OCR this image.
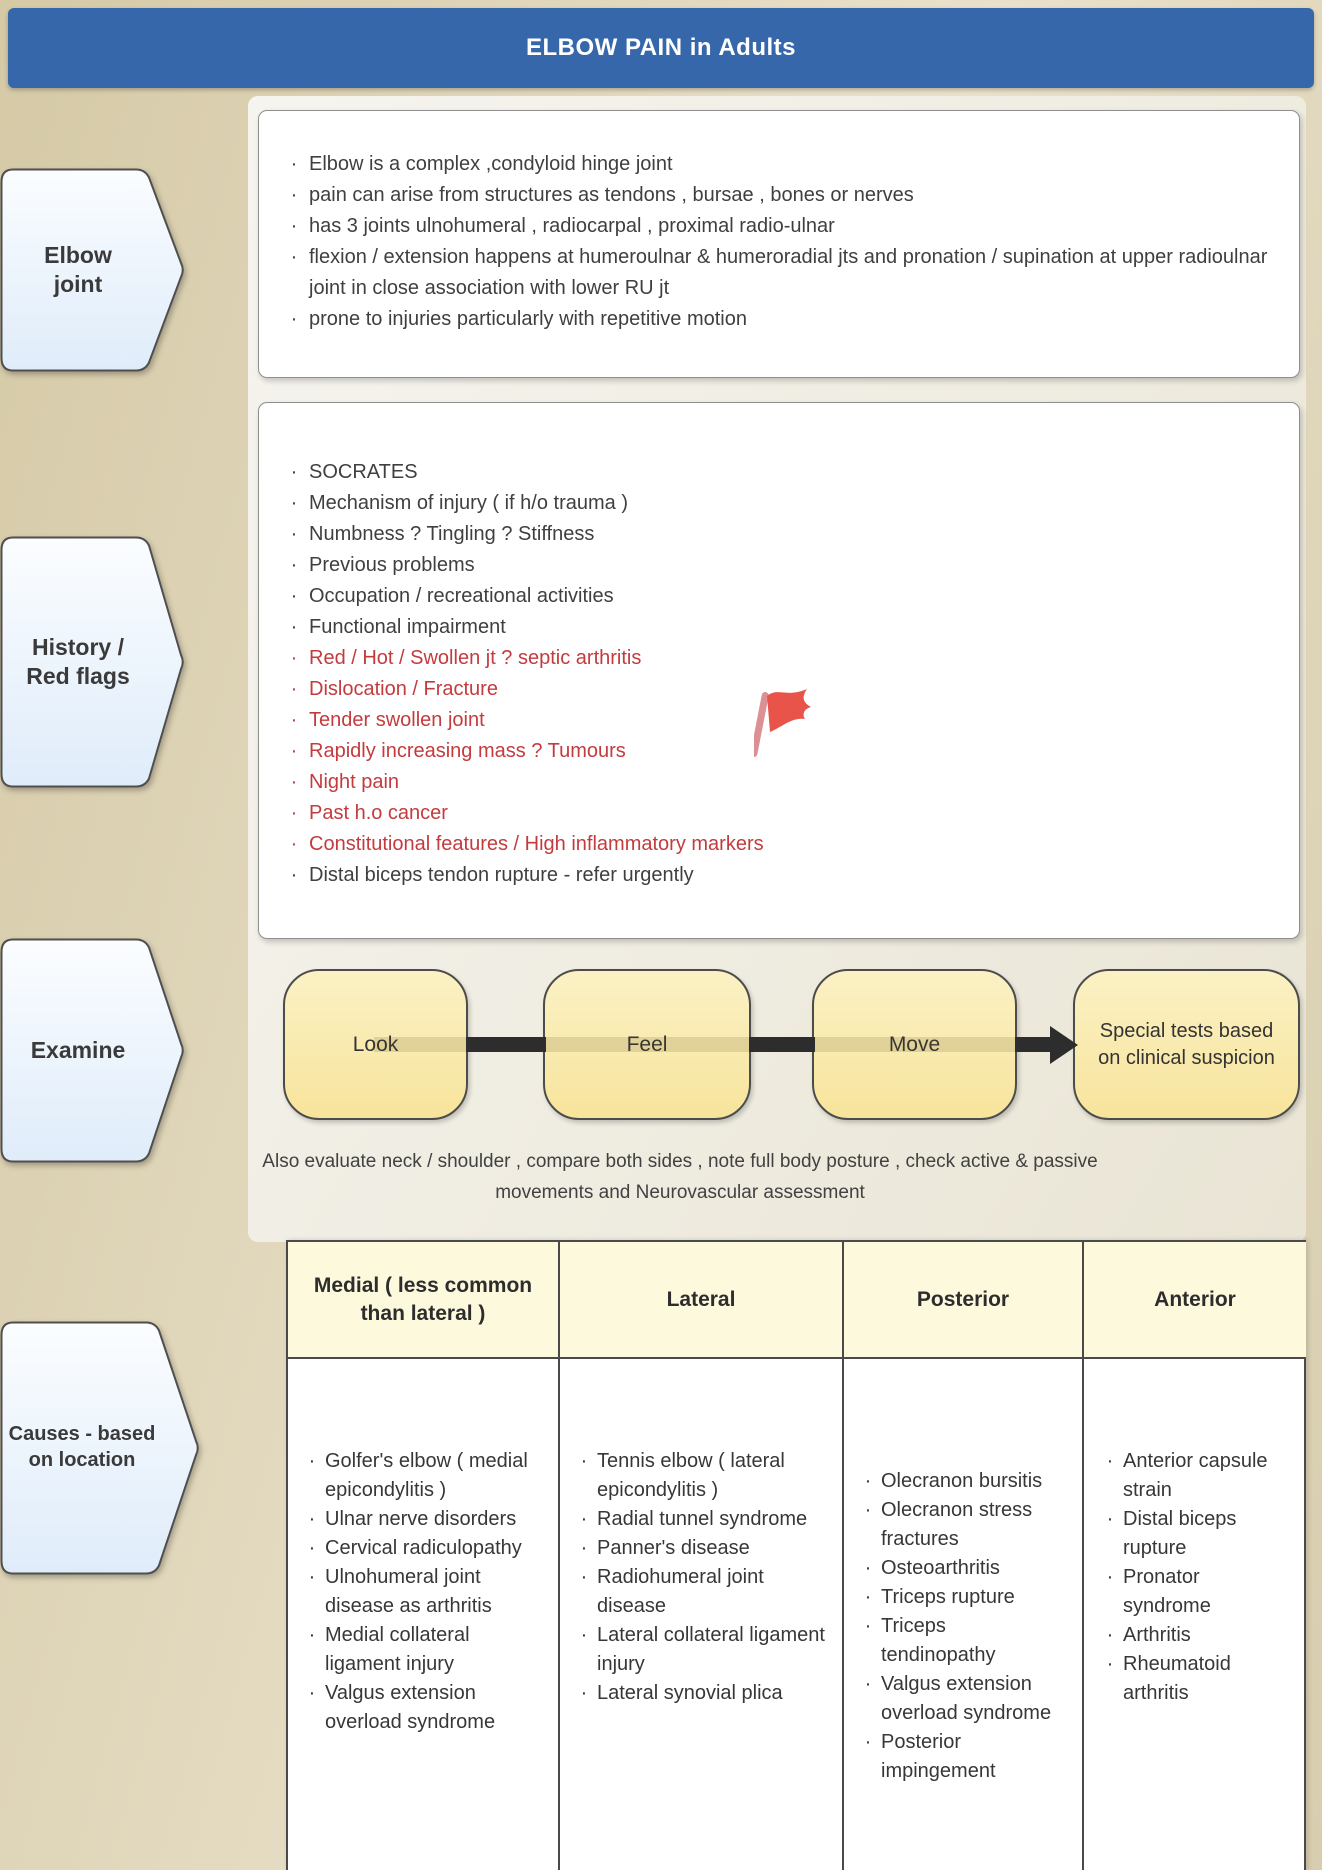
ELBOW PAIN in Adults
Elbow
joint
History /
Red flags
Examine
Causes - based
on location
· Elbow is a complex ,condyloid hinge joint
· pain can arise from structures as tendons , bursae , bones or nerves
· has 3 joints ulnohumeral , radiocarpal , proximal radio-ulnar
· flexion / extension happens at humeroulnar & humeroradial jts and pronation / supination at upper radioulnar joint in close association with lower RU jt
· prone to injuries particularly with repetitive motion
· SOCRATES
· Mechanism of injury ( if h/o trauma )
· Numbness ? Tingling ? Stiffness
· Previous problems
· Occupation / recreational activities
· Functional impairment
· Red / Hot / Swollen jt ? septic arthritis
· Dislocation / Fracture
· Tender swollen joint
· Rapidly increasing mass ? Tumours
· Night pain
· Past h.o cancer
· Constitutional features / High inflammatory markers
· Distal biceps tendon rupture - refer urgently
Look	Feel	Move
Special tests based on clinical suspicion
Also evaluate neck / shoulder , compare both sides , note full body posture , check active & passive movements and Neurovascular assessment
Medial ( less common than lateral )
· Golfer's elbow ( medial epicondylitis )
· Ulnar nerve disorders
· Cervical radiculopathy
· Ulnohumeral joint disease as arthritis
· Medial collateral ligament injury
· Valgus extension overload syndrome
Lateral
· Tennis elbow ( lateral epicondylitis )
· Radial tunnel syndrome
· Panner's disease
· Radiohumeral joint disease
· Lateral collateral ligament injury
· Lateral synovial plica
Posterior
· Olecranon bursitis
· Olecranon stress fractures
· Osteoarthritis
· Triceps rupture
· Triceps tendinopathy
· Valgus extension overload syndrome
· Posterior impingement
Anterior
· Anterior capsule strain
· Distal biceps rupture
· Pronator syndrome
· Arthritis
· Rheumatoid arthritis
